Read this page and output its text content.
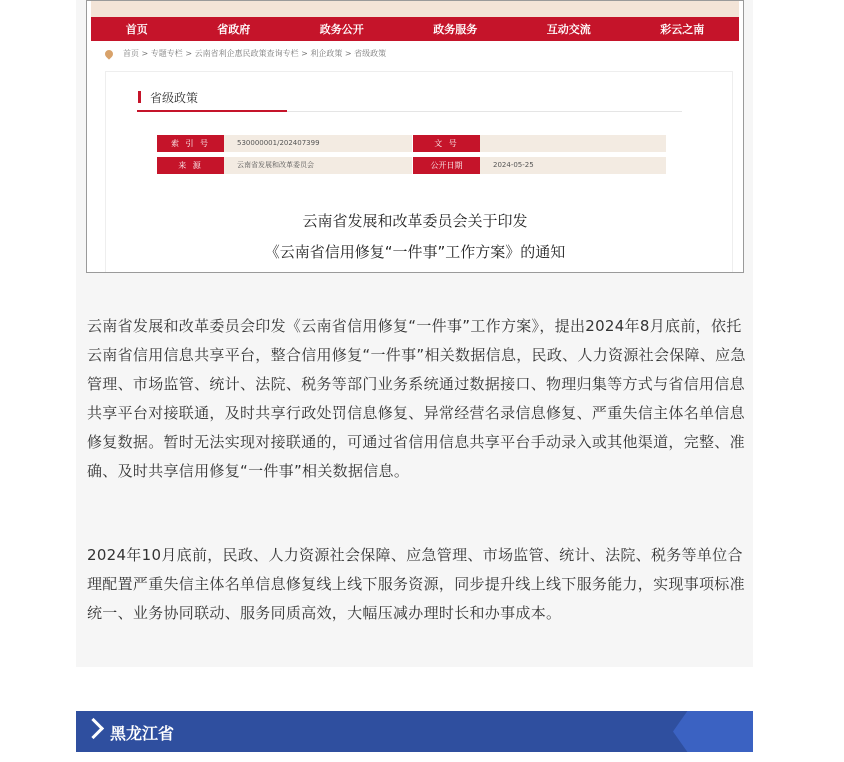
首页	省政府	政务公开	政务服务	互动交流	彩云之南
首页 > 专题专栏 > 云南省利企惠民政策查询专栏 > 利企政策 > 省级政策
省级政策
索 引 号	530000001/202407399	文 号
来 源	云南省发展和改革委员会	公开日期	2024-05-25
云南省发展和改革委员会关于印发
《云南省信用修复“一件事”工作方案》的通知

云南省发展和改革委员会印发《云南省信用修复“一件事”工作方案》，提出2024年8月底前，依托云南省信用信息共享平台，整合信用修复“一件事”相关数据信息，民政、人力资源社会保障、应急管理、市场监管、统计、法院、税务等部门业务系统通过数据接口、物理归集等方式与省信用信息共享平台对接联通，及时共享行政处罚信息修复、异常经营名录信息修复、严重失信主体名单信息修复数据。暂时无法实现对接联通的，可通过省信用信息共享平台手动录入或其他渠道，完整、准确、及时共享信用修复“一件事”相关数据信息。

2024年10月底前，民政、人力资源社会保障、应急管理、市场监管、统计、法院、税务等单位合理配置严重失信主体名单信息修复线上线下服务资源，同步提升线上线下服务能力，实现事项标准统一、业务协同联动、服务同质高效，大幅压减办理时长和办事成本。

黑龙江省
